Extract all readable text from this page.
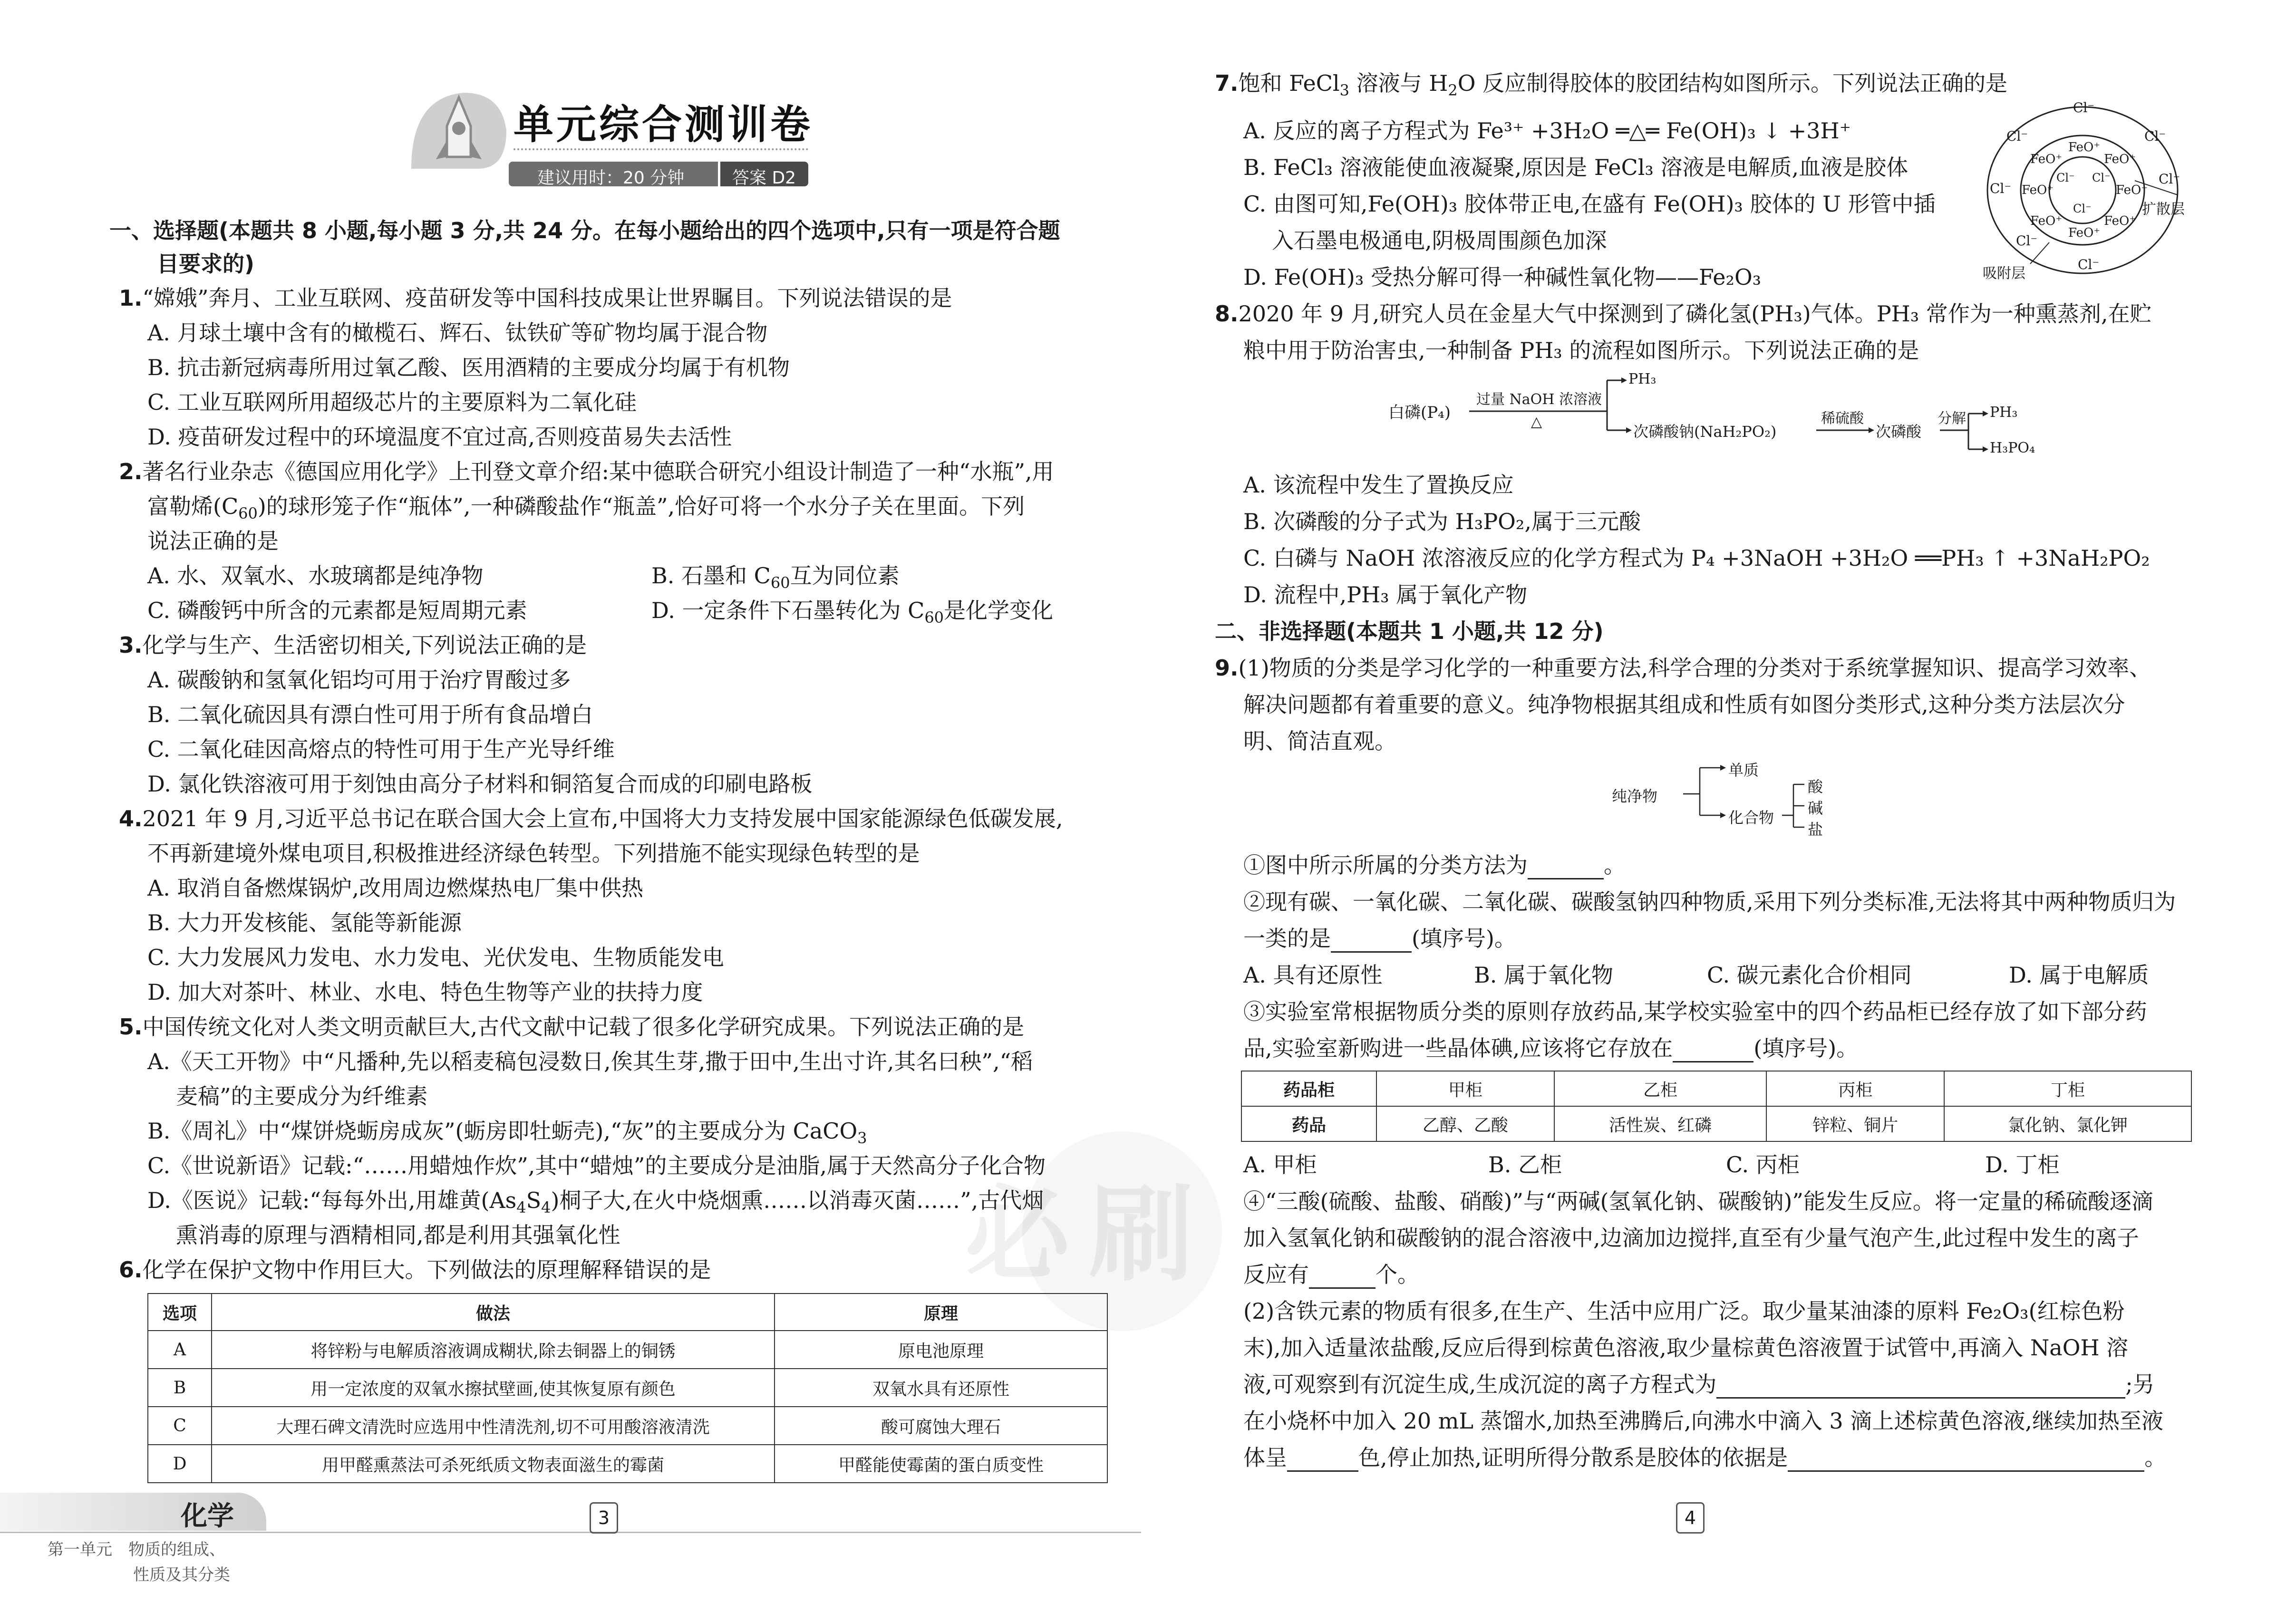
单元综合测训卷
建议用时：20 分钟	答案 D2
一、选择题(本题共 8 小题,每小题 3 分,共 24 分。在每小题给出的四个选项中,只有一项是符合题
目要求的)
1.“嫦娥”奔月、工业互联网、疫苗研发等中国科技成果让世界瞩目。下列说法错误的是
A. 月球土壤中含有的橄榄石、辉石、钛铁矿等矿物均属于混合物
B. 抗击新冠病毒所用过氧乙酸、医用酒精的主要成分均属于有机物
C. 工业互联网所用超级芯片的主要原料为二氧化硅
D. 疫苗研发过程中的环境温度不宜过高,否则疫苗易失去活性
2.著名行业杂志《德国应用化学》上刊登文章介绍:某中德联合研究小组设计制造了一种“水瓶”,用
富勒烯$(C_{60})$的球形笼子作“瓶体”,一种磷酸盐作“瓶盖”,恰好可将一个水分子关在里面。下列
说法正确的是
A. 水、双氧水、水玻璃都是纯净物	B. 石墨和 $C_{60}$互为同位素
C. 磷酸钙中所含的元素都是短周期元素	D. 一定条件下石墨转化为 $C_{60}$是化学变化
3.化学与生产、生活密切相关,下列说法正确的是
A. 碳酸钠和氢氧化铝均可用于治疗胃酸过多
B. 二氧化硫因具有漂白性可用于所有食品增白
C. 二氧化硅因高熔点的特性可用于生产光导纤维
D. 氯化铁溶液可用于刻蚀由高分子材料和铜箔复合而成的印刷电路板
4.2021 年 9 月,习近平总书记在联合国大会上宣布,中国将大力支持发展中国家能源绿色低碳发展,
不再新建境外煤电项目,积极推进经济绿色转型。下列措施不能实现绿色转型的是
A. 取消自备燃煤锅炉,改用周边燃煤热电厂集中供热
B. 大力开发核能、氢能等新能源
C. 大力发展风力发电、水力发电、光伏发电、生物质能发电
D. 加大对茶叶、林业、水电、特色生物等产业的扶持力度
5.中国传统文化对人类文明贡献巨大,古代文献中记载了很多化学研究成果。下列说法正确的是
A.《天工开物》中“凡播种,先以稻麦稿包浸数日,俟其生芽,撒于田中,生出寸许,其名曰秧”,“稻
麦稿”的主要成分为纤维素
B.《周礼》中“煤饼烧蛎房成灰”(蛎房即牡蛎壳),“灰”的主要成分为 CaCO$_3$
C.《世说新语》记载:“……用蜡烛作炊”,其中“蜡烛”的主要成分是油脂,属于天然高分子化合物
D.《医说》记载:“每每外出,用雄黄$(As_4S_4)$桐子大,在火中烧烟熏……以消毒灭菌……”,古代烟
熏消毒的原理与酒精相同,都是利用其强氧化性
6.化学在保护文物中作用巨大。下列做法的原理解释错误的是
选项	做法	原理
A	将锌粉与电解质溶液调成糊状,除去铜器上的铜锈	原电池原理
B	用一定浓度的双氧水擦拭壁画,使其恢复原有颜色	双氧水具有还原性
C	大理石碑文清洗时应选用中性清洗剂,切不可用酸溶液清洗	酸可腐蚀大理石
D	用甲醛熏蒸法可杀死纸质文物表面滋生的霉菌	甲醛能使霉菌的蛋白质变性
化学
第一单元　物质的组成、
性质及其分类
3
必刷
7.饱和 FeCl$_3$ 溶液与 $H_2O$ 反应制得胶体的胶团结构如图所示。下列说法正确的是
A. 反应的离子方程式为 Fe³⁺ +3H₂O ═△═ Fe(OH)₃ ↓ +3H⁺
B. FeCl₃ 溶液能使血液凝聚,原因是 FeCl₃ 溶液是电解质,血液是胶体
C. 由图可知,Fe(OH)₃ 胶体带正电,在盛有 Fe(OH)₃ 胶体的 U 形管中插
入石墨电极通电,阴极周围颜色加深
D. Fe(OH)₃ 受热分解可得一种碱性氧化物——Fe₂O₃
Cl⁻
Cl⁻	Cl⁻
Cl⁻
Cl⁻
Cl⁻
Cl⁻
FeO⁺
FeO⁺	FeO⁺
FeO⁺	FeO⁺
FeO⁺	FeO⁺
FeO⁺
Cl⁻ Cl⁻
Cl⁻	扩散层
吸附层
8.2020 年 9 月,研究人员在金星大气中探测到了磷化氢(PH₃)气体。PH₃ 常作为一种熏蒸剂,在贮
粮中用于防治害虫,一种制备 PH₃ 的流程如图所示。下列说法正确的是
白磷(P₄)
过量 NaOH 浓溶液
△
PH₃
次磷酸钠(NaH₂PO₂)
稀硫酸
次磷酸
分解 PH₃
H₃PO₄
A. 该流程中发生了置换反应
B. 次磷酸的分子式为 H₃PO₂,属于三元酸
C. 白磷与 NaOH 浓溶液反应的化学方程式为 P₄ +3NaOH +3H₂O ══PH₃ ↑ +3NaH₂PO₂
D. 流程中,PH₃ 属于氧化产物
二、非选择题(本题共 1 小题,共 12 分)
9.(1)物质的分类是学习化学的一种重要方法,科学合理的分类对于系统掌握知识、提高学习效率、
解决问题都有着重要的意义。纯净物根据其组成和性质有如图分类形式,这种分类方法层次分
明、简洁直观。
纯净物
单质
化合物
酸
碱
盐
①图中所示所属的分类方法为	。
②现有碳、一氧化碳、二氧化碳、碳酸氢钠四种物质,采用下列分类标准,无法将其中两种物质归为
一类的是	(填序号)。
A. 具有还原性	B. 属于氧化物	C. 碳元素化合价相同	D. 属于电解质
③实验室常根据物质分类的原则存放药品,某学校实验室中的四个药品柜已经存放了如下部分药
品,实验室新购进一些晶体碘,应该将它存放在	(填序号)。
药品柜	甲柜	乙柜	丙柜	丁柜
药品	乙醇、乙酸	活性炭、红磷	锌粒、铜片	氯化钠、氯化钾
A. 甲柜	B. 乙柜	C. 丙柜	D. 丁柜
④“三酸(硫酸、盐酸、硝酸)”与“两碱(氢氧化钠、碳酸钠)”能发生反应。将一定量的稀硫酸逐滴
加入氢氧化钠和碳酸钠的混合溶液中,边滴加边搅拌,直至有少量气泡产生,此过程中发生的离子
反应有	个。
(2)含铁元素的物质有很多,在生产、生活中应用广泛。取少量某油漆的原料 Fe₂O₃(红棕色粉
末),加入适量浓盐酸,反应后得到棕黄色溶液,取少量棕黄色溶液置于试管中,再滴入 NaOH 溶
液,可观察到有沉淀生成,生成沉淀的离子方程式为	;另
在小烧杯中加入 20 mL 蒸馏水,加热至沸腾后,向沸水中滴入 3 滴上述棕黄色溶液,继续加热至液
体呈	色,停止加热,证明所得分散系是胶体的依据是	。
4
